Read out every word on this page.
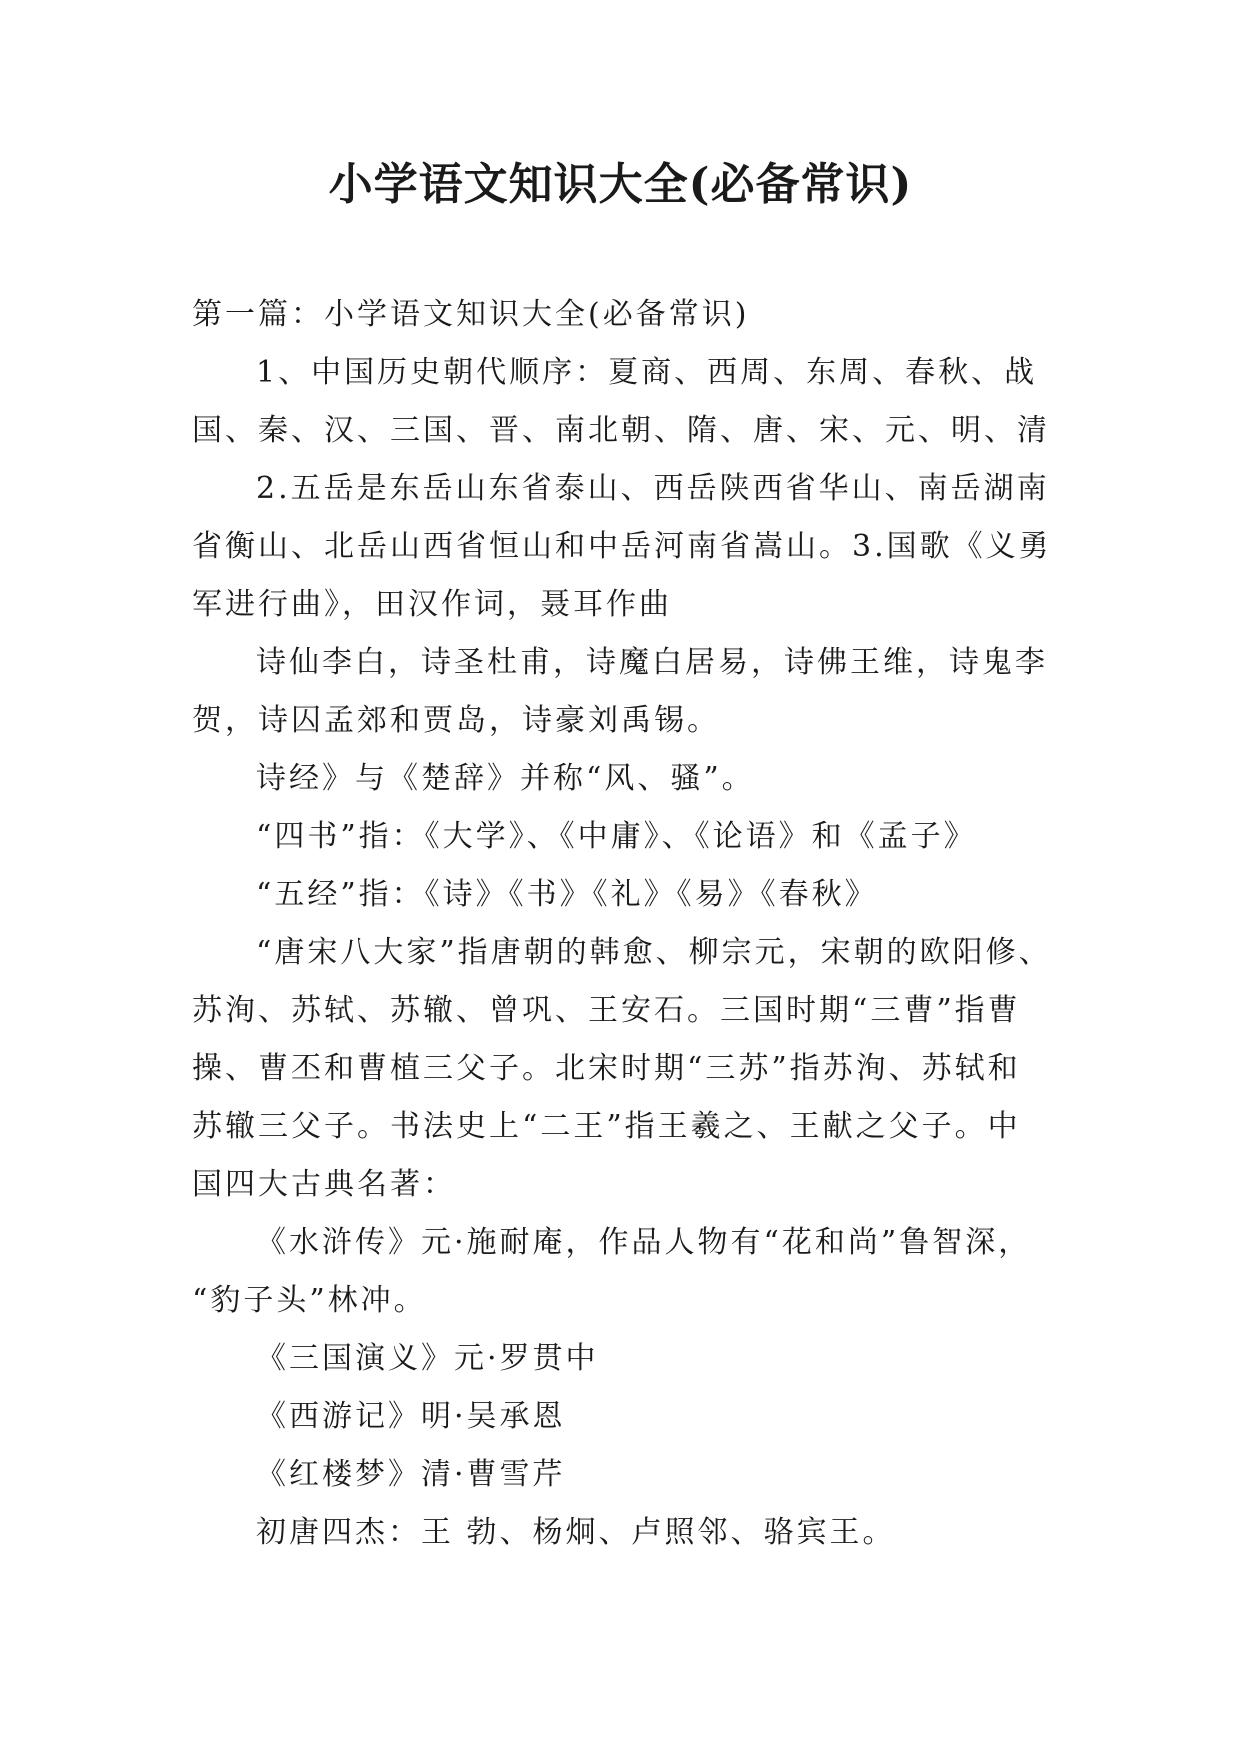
小学语文知识大全(必备常识)
第一篇：小学语文知识大全(必备常识)
1、中国历史朝代顺序：夏商、西周、东周、春秋、战
国、秦、汉、三国、晋、南北朝、隋、唐、宋、元、明、清
2.五岳是东岳山东省泰山、西岳陕西省华山、南岳湖南
省衡山、北岳山西省恒山和中岳河南省嵩山。3.国歌《义勇
军进行曲》，田汉作词，聂耳作曲
诗仙李白，诗圣杜甫，诗魔白居易，诗佛王维，诗鬼李
贺，诗囚孟郊和贾岛，诗豪刘禹锡。
诗经》与《楚辞》并称“风、骚”。
“四书”指：《大学》、《中庸》、《论语》和《孟子》
“五经”指：《诗》《书》《礼》《易》《春秋》
“唐宋八大家”指唐朝的韩愈、柳宗元，宋朝的欧阳修、
苏洵、苏轼、苏辙、曾巩、王安石。三国时期“三曹”指曹
操、曹丕和曹植三父子。北宋时期“三苏”指苏洵、苏轼和
苏辙三父子。书法史上“二王”指王羲之、王献之父子。中
国四大古典名著：
《水浒传》元·施耐庵，作品人物有“花和尚”鲁智深，
“豹子头”林冲。
《三国演义》元·罗贯中
《西游记》明·吴承恩
《红楼梦》清·曹雪芹
初唐四杰：王 勃、杨炯、卢照邻、骆宾王。
